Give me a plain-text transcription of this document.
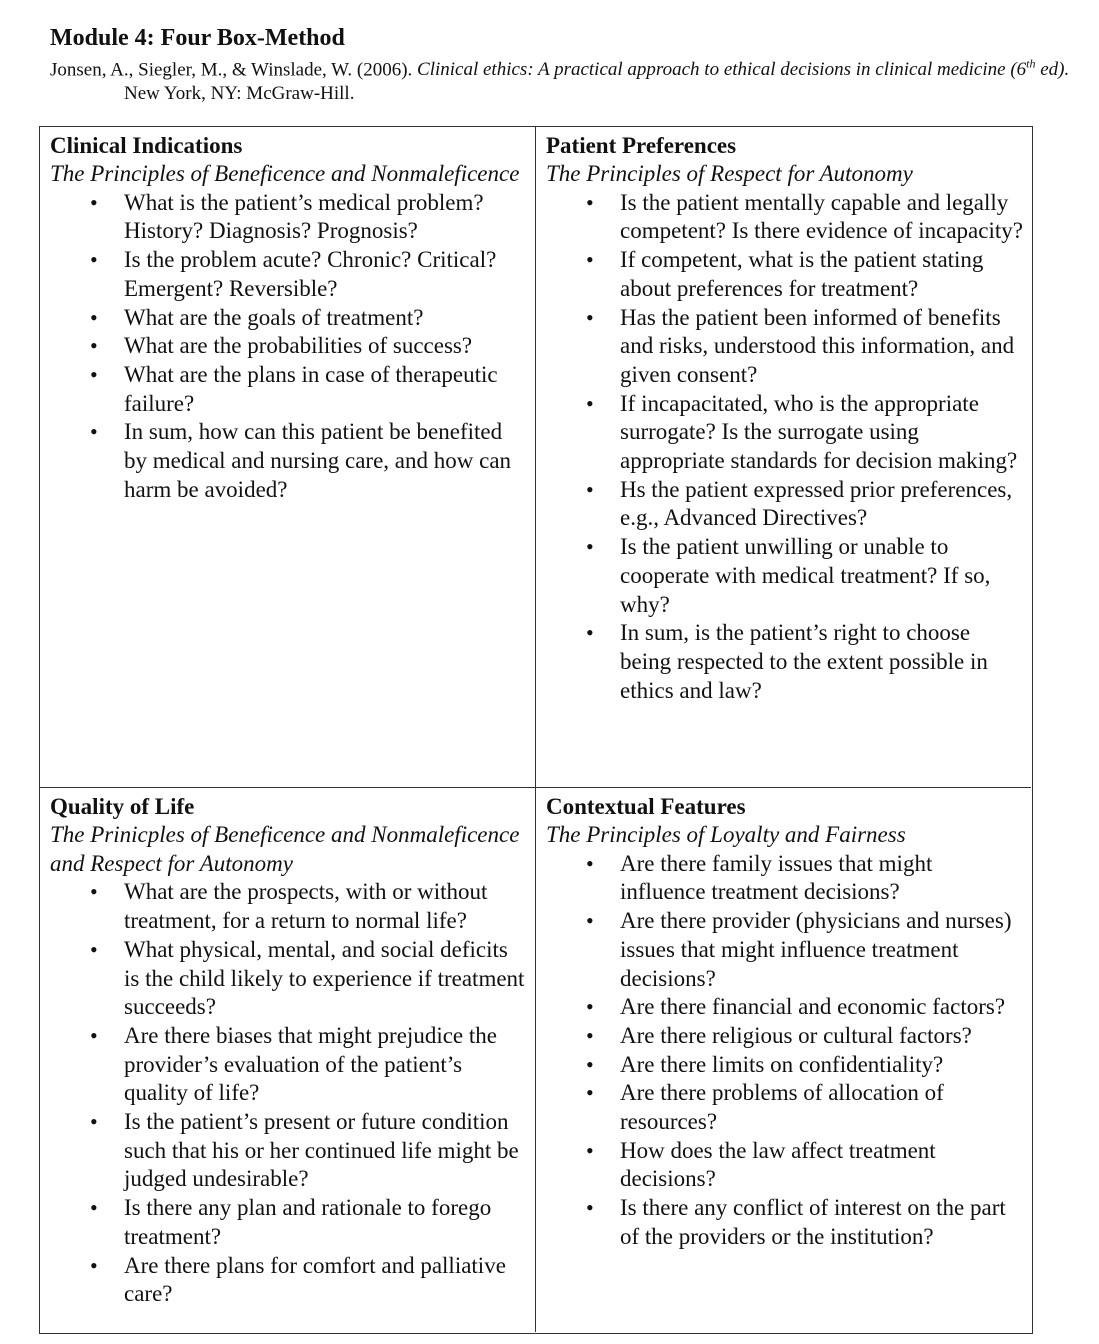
Module 4: Four Box-Method

Jonsen, A., Siegler, M., & Winslade, W. (2006). Clinical ethics: A practical approach to ethical decisions in clinical medicine (6th ed). New York, NY: McGraw-Hill.

Clinical Indications

The Principles of Beneficence and Nonmaleficence

• What is the patient’s medical problem? History? Diagnosis? Prognosis?
• Is the problem acute? Chronic? Critical? Emergent? Reversible?
• What are the goals of treatment?
• What are the probabilities of success?
• What are the plans in case of therapeutic failure?
• In sum, how can this patient be benefited by medical and nursing care, and how can harm be avoided?

Patient Preferences

The Principles of Respect for Autonomy

• Is the patient mentally capable and legally competent? Is there evidence of incapacity?
• If competent, what is the patient stating about preferences for treatment?
• Has the patient been informed of benefits and risks, understood this information, and given consent?
• If incapacitated, who is the appropriate surrogate? Is the surrogate using appropriate standards for decision making?
• Hs the patient expressed prior preferences, e.g., Advanced Directives?
• Is the patient unwilling or unable to cooperate with medical treatment? If so, why?
• In sum, is the patient’s right to choose being respected to the extent possible in ethics and law?

Quality of Life

The Prinicples of Beneficence and Nonmaleficence and Respect for Autonomy

• What are the prospects, with or without treatment, for a return to normal life?
• What physical, mental, and social deficits is the child likely to experience if treatment succeeds?
• Are there biases that might prejudice the provider’s evaluation of the patient’s quality of life?
• Is the patient’s present or future condition such that his or her continued life might be judged undesirable?
• Is there any plan and rationale to forego treatment?
• Are there plans for comfort and palliative care?

Contextual Features

The Principles of Loyalty and Fairness

• Are there family issues that might influence treatment decisions?
• Are there provider (physicians and nurses) issues that might influence treatment decisions?
• Are there financial and economic factors?
• Are there religious or cultural factors?
• Are there limits on confidentiality?
• Are there problems of allocation of resources?
• How does the law affect treatment decisions?
• Is there any conflict of interest on the part of the providers or the institution?
